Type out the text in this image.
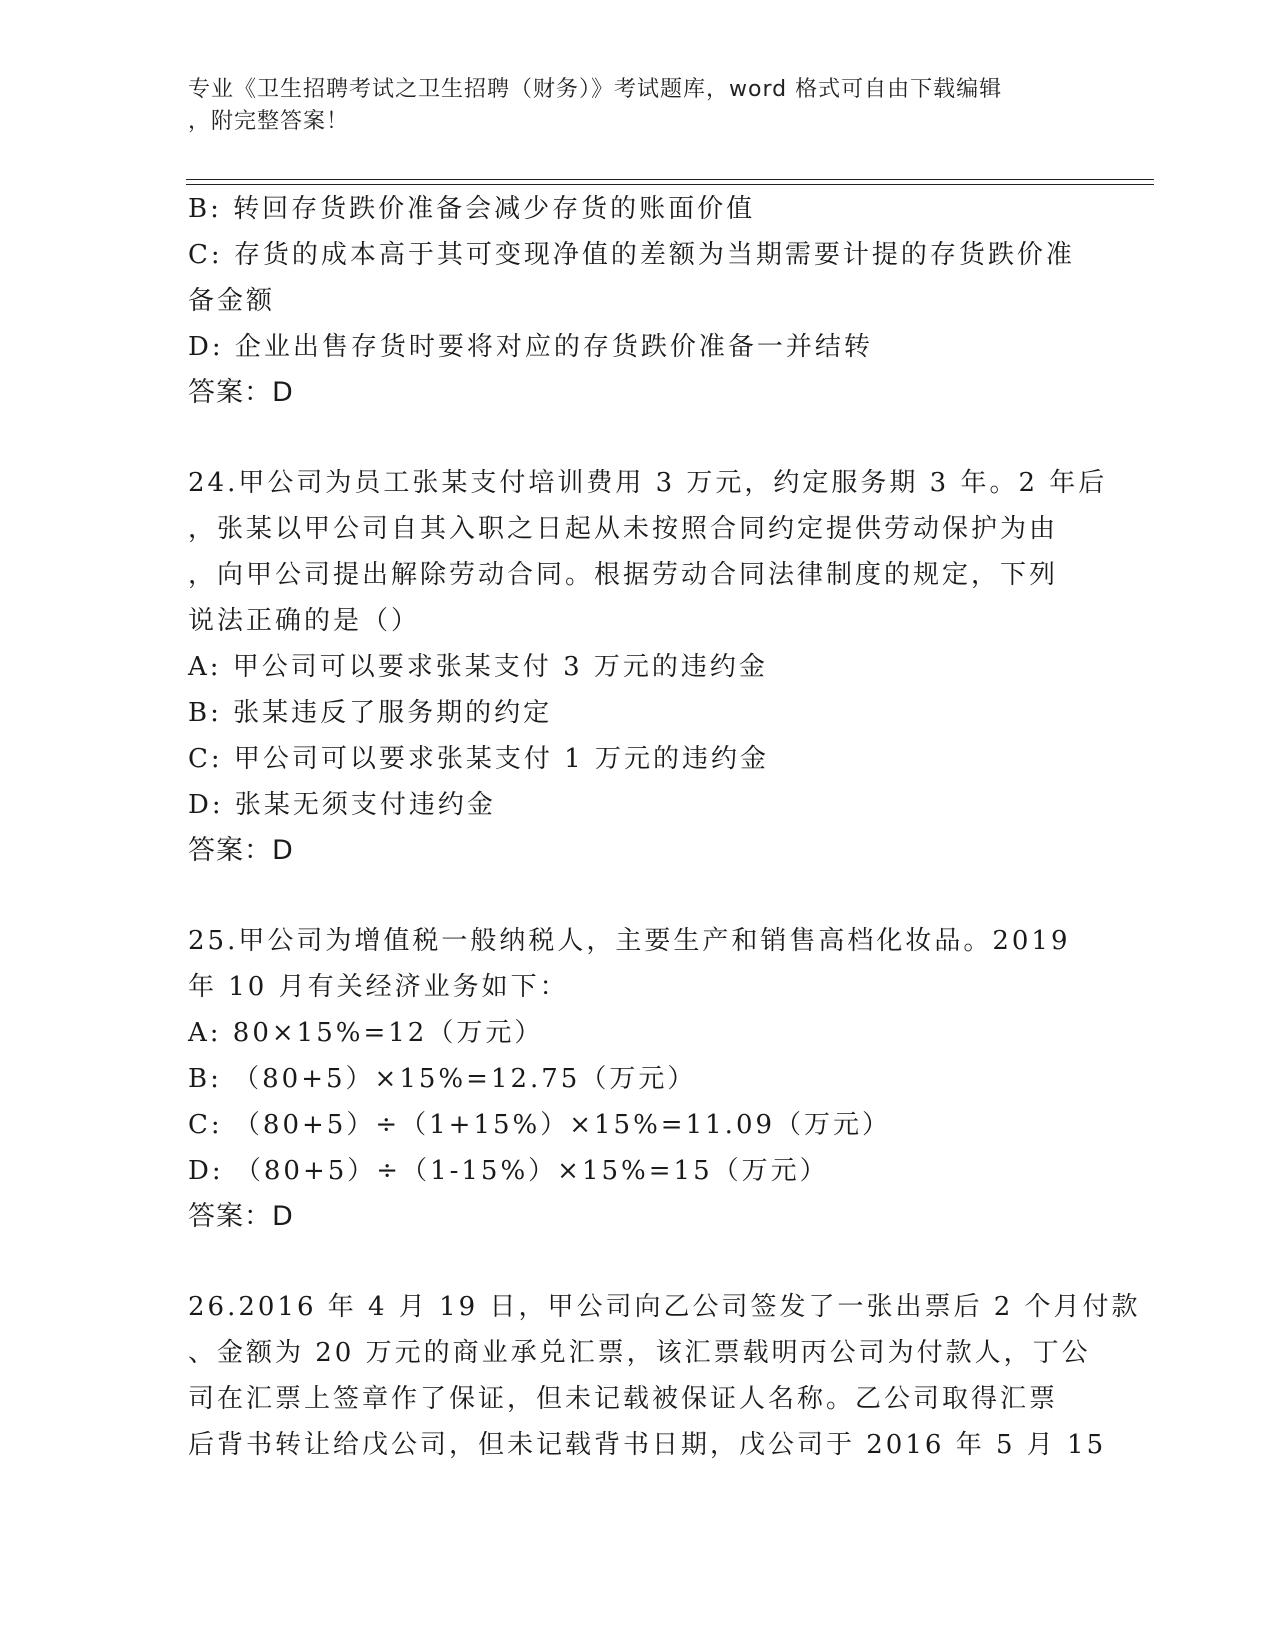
专业《卫生招聘考试之卫生招聘（财务）》考试题库，word 格式可自由下载编辑
，附完整答案！
B: 转回存货跌价准备会减少存货的账面价值
C: 存货的成本高于其可变现净值的差额为当期需要计提的存货跌价准
备金额
D: 企业出售存货时要将对应的存货跌价准备一并结转
答案：D
24.甲公司为员工张某支付培训费用 3 万元，约定服务期 3 年。2 年后
，张某以甲公司自其入职之日起从未按照合同约定提供劳动保护为由
，向甲公司提出解除劳动合同。根据劳动合同法律制度的规定，下列
说法正确的是（）
A: 甲公司可以要求张某支付 3 万元的违约金
B: 张某违反了服务期的约定
C: 甲公司可以要求张某支付 1 万元的违约金
D: 张某无须支付违约金
答案：D
25.甲公司为增值税一般纳税人，主要生产和销售高档化妆品。2019
年 10 月有关经济业务如下：
A: 80×15%=12（万元）
B: （80+5）×15%=12.75（万元）
C: （80+5）÷（1+15%）×15%=11.09（万元）
D: （80+5）÷（1-15%）×15%=15（万元）
答案：D
26.2016 年 4 月 19 日，甲公司向乙公司签发了一张出票后 2 个月付款
、金额为 20 万元的商业承兑汇票，该汇票载明丙公司为付款人，丁公
司在汇票上签章作了保证，但未记载被保证人名称。乙公司取得汇票
后背书转让给戊公司，但未记载背书日期，戊公司于 2016 年 5 月 15
